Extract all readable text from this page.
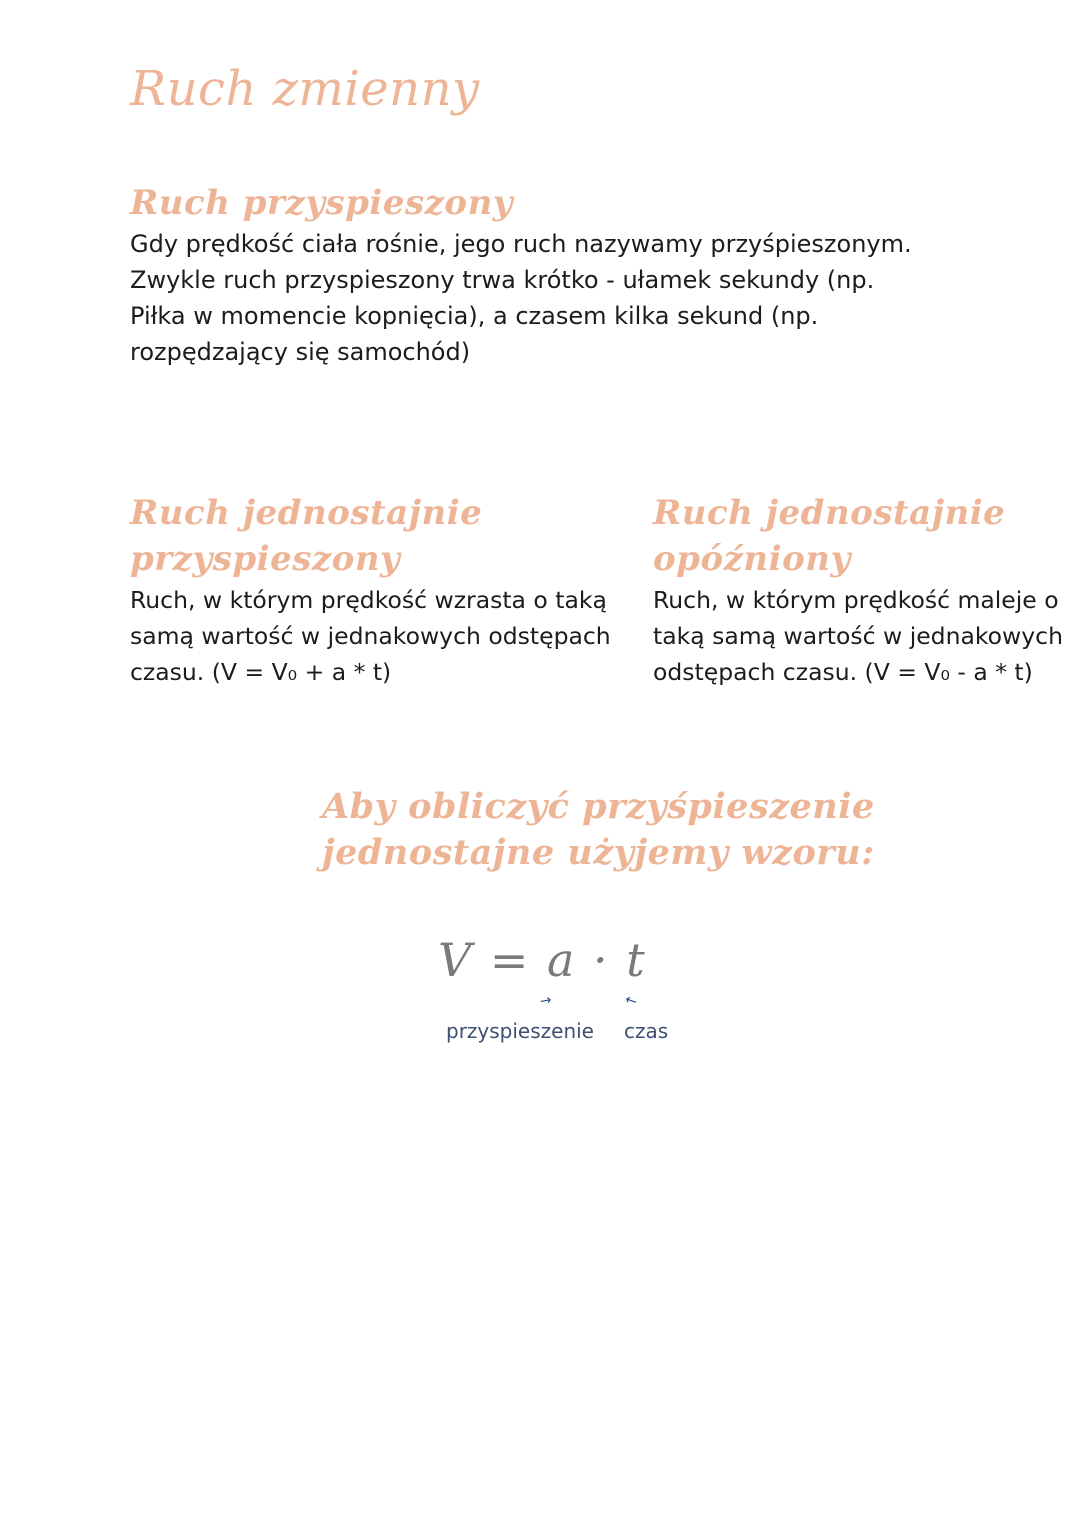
Ruch zmienny
Ruch przyspieszony

Gdy prędkość ciała rośnie, jego ruch nazywamy przyśpieszonym.
Zwykle ruch przyspieszony trwa krótko - ułamek sekundy (np.
Piłka w momencie kopnięcia), a czasem kilka sekund (np.
rozpędzający się samochód)

Ruch jednostajnie
przyspieszony

Ruch, w którym prędkość wzrasta o taką
samą wartość w jednakowych odstępach
czasu. (V = V₀ + a * t)

Ruch jednostajnie
opóźniony

Ruch, w którym prędkość maleje o
taką samą wartość w jednakowych
odstępach czasu. (V = V₀ - a * t)

Aby obliczyć przyśpieszenie
jednostajne użyjemy wzoru:
V = a · t
↗	↖
przyspieszenie czas
